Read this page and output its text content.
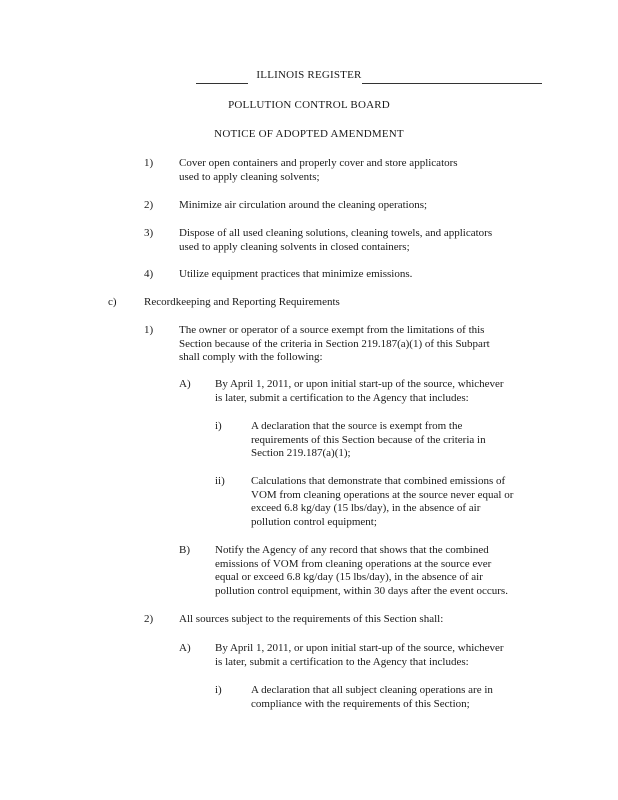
ILLINOIS REGISTER
POLLUTION CONTROL BOARD
NOTICE OF ADOPTED AMENDMENT
1) Cover open containers and properly cover and store applicators
used to apply cleaning solvents;
2) Minimize air circulation around the cleaning operations;
3) Dispose of all used cleaning solutions, cleaning towels, and applicators
used to apply cleaning solvents in closed containers;
4) Utilize equipment practices that minimize emissions.
c) Recordkeeping and Reporting Requirements
1) The owner or operator of a source exempt from the limitations of this
Section because of the criteria in Section 219.187(a)(1) of this Subpart
shall comply with the following:
A) By April 1, 2011, or upon initial start-up of the source, whichever
is later, submit a certification to the Agency that includes:
i)	A declaration that the source is exempt from the
requirements of this Section because of the criteria in
Section 219.187(a)(1);
ii) Calculations that demonstrate that combined emissions of
VOM from cleaning operations at the source never equal or
exceed 6.8 kg/day (15 lbs/day), in the absence of air
pollution control equipment;
B) Notify the Agency of any record that shows that the combined
emissions of VOM from cleaning operations at the source ever
equal or exceed 6.8 kg/day (15 lbs/day), in the absence of air
pollution control equipment, within 30 days after the event occurs.
2) All sources subject to the requirements of this Section shall:
A) By April 1, 2011, or upon initial start-up of the source, whichever
is later, submit a certification to the Agency that includes:
i)	A declaration that all subject cleaning operations are in
compliance with the requirements of this Section;
